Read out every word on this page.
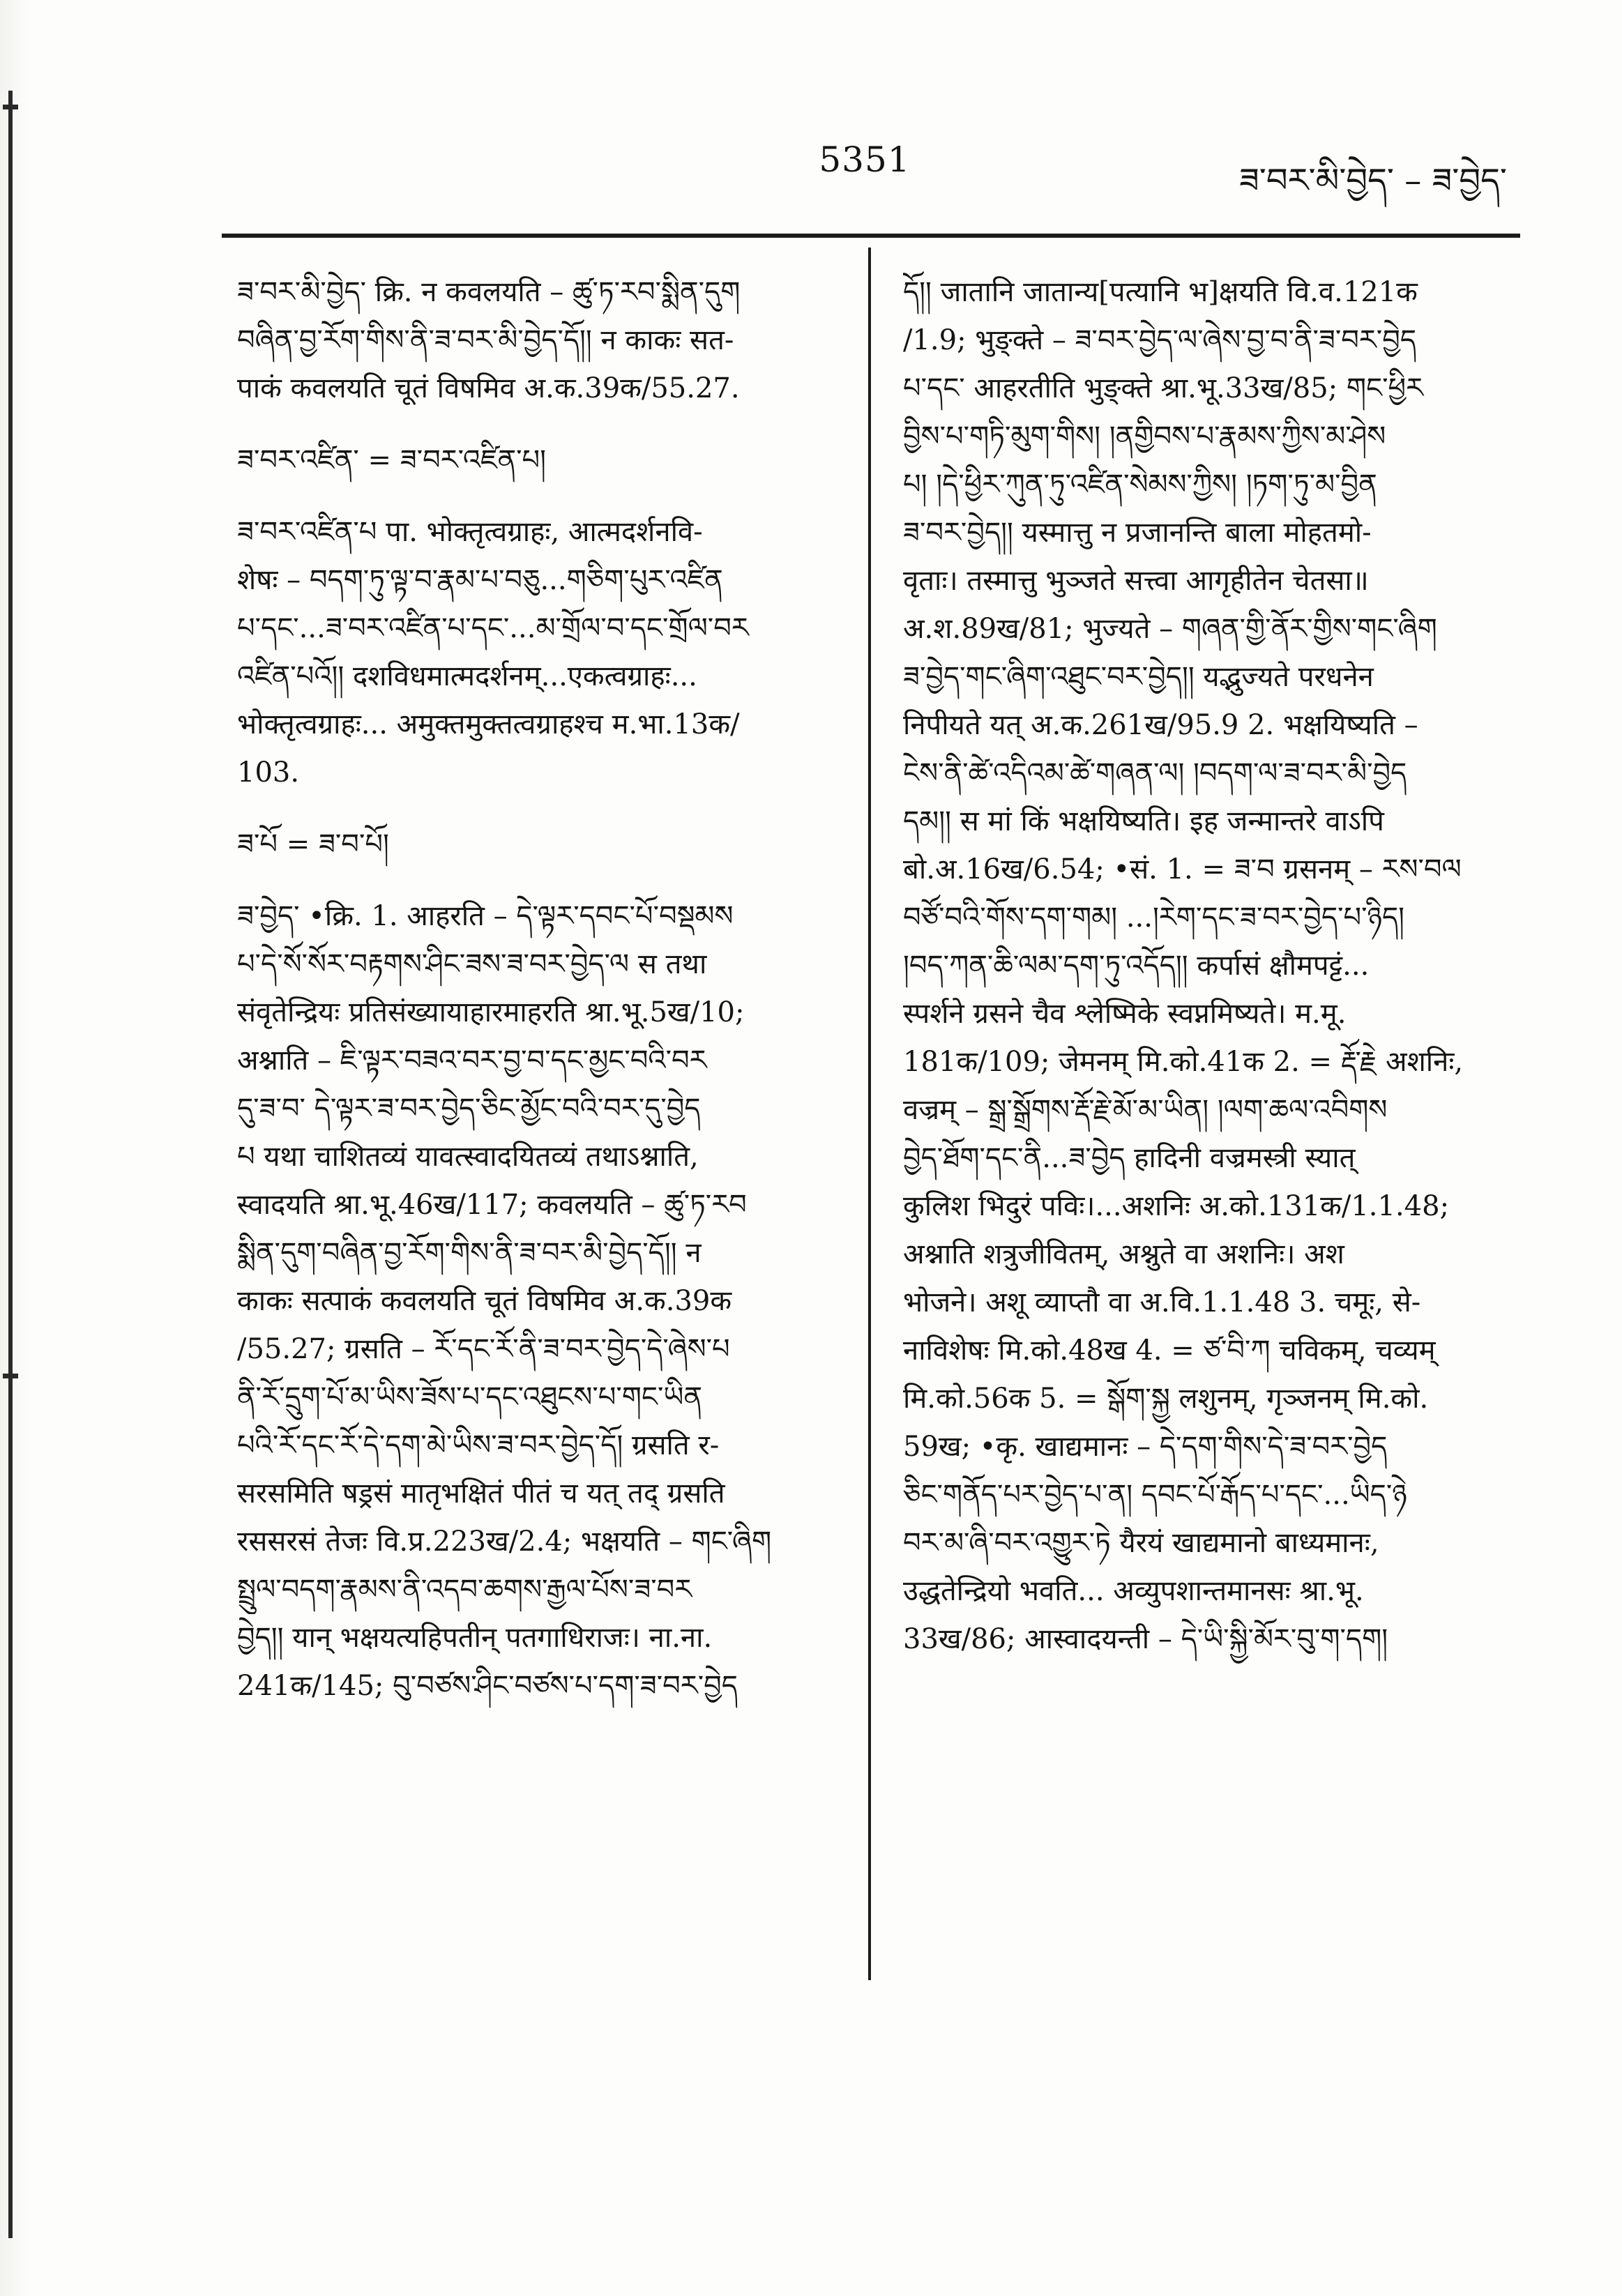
5351
ཟ་བར་མི་བྱེད་ – ཟ་བྱེད་
ཟ་བར་མི་བྱེད་ क्रि. न कवलयति – ཚུ་ཏ་རབ་སྨིན་དུག
བཞིན་བྱ་རོག་གིས་ནི་ཟ་བར་མི་བྱེད་དོ།། न काकः सत-
पाकं कवलयति चूतं विषमिव अ.क.39क/55.27.
ཟ་བར་འཛིན་ = ཟ་བར་འཛིན་པ།
ཟ་བར་འཛིན་པ पा. भोक्तृत्वग्राहः, आत्मदर्शनवि-
शेषः – བདག་ཏུ་ལྟ་བ་རྣམ་པ་བཅུ...གཅིག་པུར་འཛིན
པ་དང་...ཟ་བར་འཛིན་པ་དང་...མ་གྲོལ་བ་དང་གྲོལ་བར
འཛིན་པའོ།། दशविधमात्मदर्शनम्...एकत्वग्राहः...
भोक्तृत्वग्राहः... अमुक्तमुक्तत्वग्राहश्च म.भा.13क/
103.
ཟ་པོ = ཟ་བ་པོ།
ཟ་བྱེད་ •क्रि. 1. आहरति – དེ་ལྟར་དབང་པོ་བསྡམས
པ་དེ་སོ་སོར་བརྟགས་ཤིང་ཟས་ཟ་བར་བྱེད་ལ स तथा
संवृतेन्द्रियः प्रतिसंख्यायाहारमाहरति श्रा.भू.5ख/10;
अश्नाति – ཇི་ལྟར་བཟའ་བར་བྱ་བ་དང་མྱང་བའི་བར
དུ་ཟ་བ་ དེ་ལྟར་ཟ་བར་བྱེད་ཅིང་མྱོང་བའི་བར་དུ་བྱེད
པ यथा चाशितव्यं यावत्स्वादयितव्यं तथाऽश्नाति,
स्वादयति श्रा.भू.46ख/117; कवलयति – ཚུ་ཏ་རབ
སྨིན་དུག་བཞིན་བྱ་རོག་གིས་ནི་ཟ་བར་མི་བྱེད་དོ།། न
काकः सत्पाकं कवलयति चूतं विषमिव अ.क.39क
/55.27; ग्रसति – རོ་དང་རོ་ནི་ཟ་བར་བྱེད་དེ་ཞེས་པ
ནི་རོ་དྲུག་པོ་མ་ཡིས་ཟོས་པ་དང་འཐུངས་པ་གང་ཡིན
པའི་རོ་དང་རོ་དེ་དག་མེ་ཡིས་ཟ་བར་བྱེད་དོ། ग्रसति र-
सरसमिति षड्रसं मातृभक्षितं पीतं च यत् तद् ग्रसति
रससरसं तेजः वि.प्र.223ख/2.4; भक्षयति – གང་ཞིག
སྤྲུལ་བདག་རྣམས་ནི་འདབ་ཆགས་རྒྱལ་པོས་ཟ་བར
བྱེད།། यान् भक्षयत्यहिपतीन् पतगाधिराजः। ना.ना.
241क/145; བུ་བཙས་ཤིང་བཙས་པ་དག་ཟ་བར་བྱེད
དོ།། जातानि जातान्य[पत्यानि भ]क्षयति वि.व.121क
/1.9; भुङ्क्ते – ཟ་བར་བྱེད་ལ་ཞེས་བྱ་བ་ནི་ཟ་བར་བྱེད
པ་དང་ आहरतीति भुङ्क्ते श्रा.भू.33ख/85; གང་ཕྱིར
བྱིས་པ་གཏི་མུག་གིས། །ནགྱིབས་པ་རྣམས་ཀྱིས་མ་ཤེས
པ། །དེ་ཕྱིར་ཀུན་ཏུ་འཛིན་སེམས་ཀྱིས། །ཏག་ཏུ་མ་བྱིན
ཟ་བར་བྱེད།། यस्मात्तु न प्रजानन्ति बाला मोहतमो-
वृताः। तस्मात्तु भुञ्जते सत्त्वा आगृहीतेन चेतसा॥
अ.श.89ख/81; भुज्यते – གཞན་གྱི་ནོར་གྱིས་གང་ཞིག
ཟ་བྱེད་གང་ཞིག་འཐུང་བར་བྱེད།། यद्भुज्यते परधनेन
निपीयते यत् अ.क.261ख/95.9 2. भक्षयिष्यति –
ངེས་ནི་ཚེ་འདིའམ་ཚེ་གཞན་ལ། །བདག་ལ་ཟ་བར་མི་བྱེད
དམ།། स मां किं भक्षयिष्यति। इह जन्मान्तरे वाऽपि
बो.अ.16ख/6.54; •सं. 1. = ཟ་བ ग्रसनम् – རས་བལ
བཙོ་བའི་གོས་དག་གམ། ...།རེག་དང་ཟ་བར་བྱེད་པ་ཉིད།
།བད་ཀན་ཆི་ལམ་དག་ཏུ་འདོད།། कर्पासं क्षौमपट्टं...
स्पर्शने ग्रसने चैव श्लेष्मिके स्वप्नमिष्यते। म.मू.
181क/109; जेमनम् मि.को.41क 2. = རྡོ་རྗེ अशनिः,
वज्रम् – སྒྲ་སྒྲོགས་རྡོ་རྗེ་མོ་མ་ཡིན། །ལག་ཆལ་འབིགས
བྱེད་ཐོག་དང་ནི...ཟ་བྱེད हादिनी वज्रमस्त्री स्यात्
कुलिश भिदुरं पविः।...अशनिः अ.को.131क/1.1.48;
अश्नाति शत्रुजीवितम्, अश्नुते वा अशनिः। अश
भोजने। अशू व्याप्तौ वा अ.वि.1.1.48 3. चमूः, से-
नाविशेषः मि.को.48ख 4. = ཙ་བི་ཀ चविकम्, चव्यम्
मि.को.56क 5. = སྒོག་སྐྱ लशुनम्, गृञ्जनम् मि.को.
59ख; •कृ. खाद्यमानः – དེ་དག་གིས་དེ་ཟ་བར་བྱེད
ཅིང་གནོད་པར་བྱེད་པ་ན། དབང་པོ་རྒོད་པ་དང་...ཡིད་ཉེ
བར་མ་ཞི་བར་འགྱུར་ཏེ यैरयं खाद्यमानो बाध्यमानः,
उद्धतेन्द्रियो भवति... अव्युपशान्तमानसः श्रा.भू.
33ख/86; आस्वादयन्ती – དེ་ཡི་སྐྱི་མོར་བུ་ག་དག།
